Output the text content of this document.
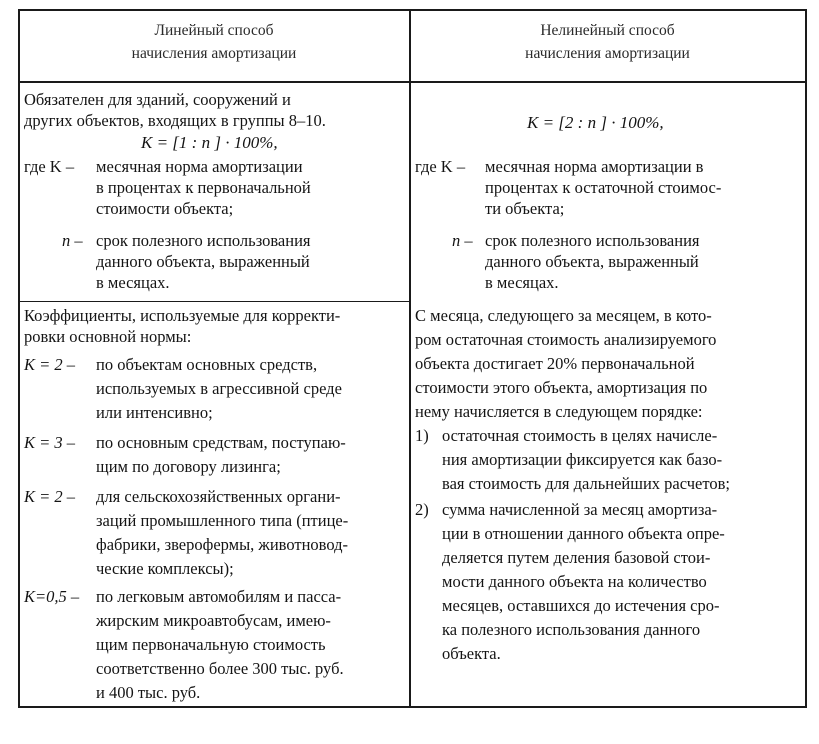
Линейный способ
начисления амортизации
Нелинейный способ
начисления амортизации
Обязателен для зданий, сооружений и
других объектов, входящих в группы 8–10.
K = [1 : n ] · 100%,
где K – месячная норма амортизации
в процентах к первоначальной
стоимости объекта;
n – срок полезного использования
данного объекта, выраженный
в месяцах.
Коэффициенты, используемые для корректи-
ровки основной нормы:
K = 2 – по объектам основных средств,
используемых в агрессивной среде
или интенсивно;
K = 3 – по основным средствам, поступаю-
щим по договору лизинга;
K = 2 – для сельскохозяйственных органи-
заций промышленного типа (птице-
фабрики, зверофермы, животновод-
ческие комплексы);
K=0,5 – по легковым автомобилям и пасса-
жирским микроавтобусам, имею-
щим первоначальную стоимость
соответственно более 300 тыс. руб.
и 400 тыс. руб.
K = [2 : n ] · 100%,
где K – месячная норма амортизации в
процентах к остаточной стоимос-
ти объекта;
n – срок полезного использования
данного объекта, выраженный
в месяцах.
С месяца, следующего за месяцем, в кото-
ром остаточная стоимость анализируемого
объекта достигает 20% первоначальной
стоимости этого объекта, амортизация по
нему начисляется в следующем порядке:
1) остаточная стоимость в целях начисле-
ния амортизации фиксируется как базо-
вая стоимость для дальнейших расчетов;
2) сумма начисленной за месяц амортиза-
ции в отношении данного объекта опре-
деляется путем деления базовой стои-
мости данного объекта на количество
месяцев, оставшихся до истечения сро-
ка полезного использования данного
объекта.
